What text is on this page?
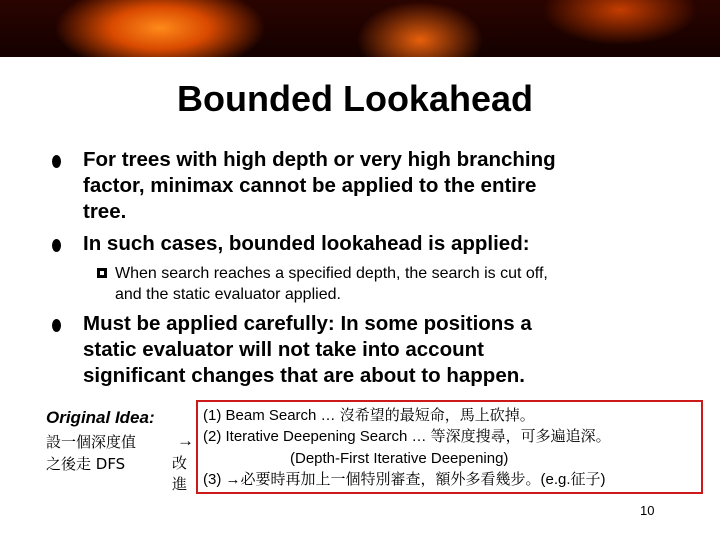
Bounded Lookahead
For trees with high depth or very high branching
factor, minimax cannot be applied to the entire
tree.
In such cases, bounded lookahead is applied:
When search reaches a specified depth, the search is cut off,
and the static evaluator applied.
Must be applied carefully: In some positions a
static evaluator will not take into account
significant changes that are about to happen.
Original Idea:
設一個深度值
之後走 DFS
→
改
進
(1) Beam Search … 沒希望的最短命，馬上砍掉。
(2) Iterative Deepening Search … 等深度搜尋，可多遍追深。
(Depth-First Iterative Deepening)
(3) →必要時再加上一個特別審查，額外多看幾步。(e.g.征子)
10
